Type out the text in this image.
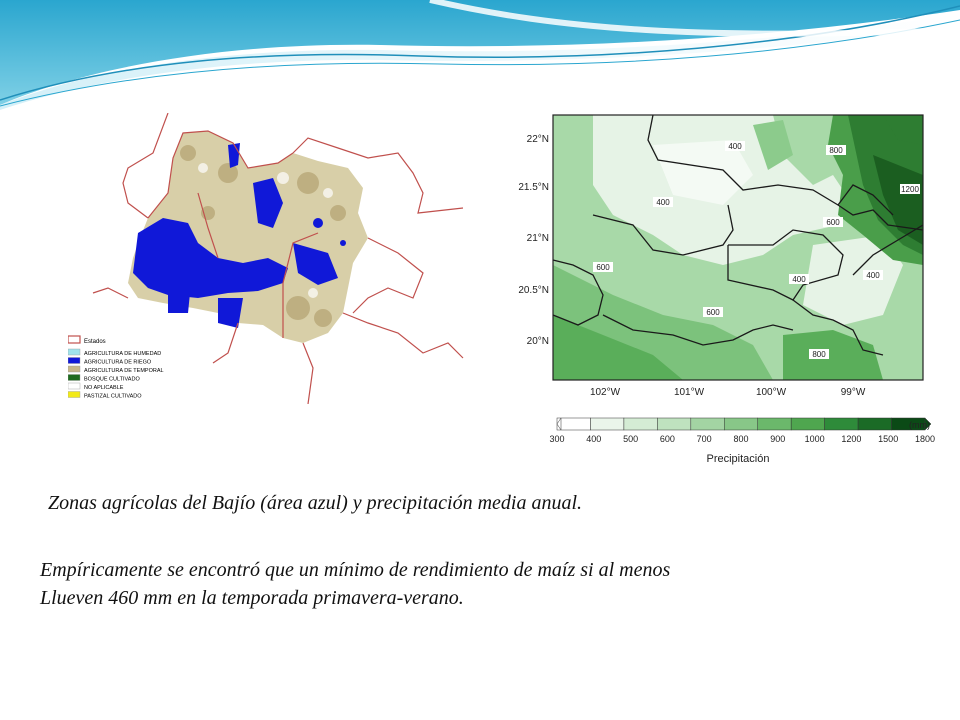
Estados
AGRICULTURA DE HUMEDAD
AGRICULTURA DE RIEGO
AGRICULTURA DE TEMPORAL
BOSQUE CULTIVADO
NO APLICABLE
PASTIZAL CULTIVADO
400	800
1200
400
600
600
400	400
600
800
22°N
21.5°N
21°N
20.5°N
20°N
102°W	101°W	100°W	99°W
300 400 500 600 700 800 900 1000 1200 1500 1800
(mm)
Precipitación
Zonas agrícolas del Bajío (área azul) y precipitación media anual.
Empíricamente se encontró que un mínimo de rendimiento de maíz si al menos
Llueven 460 mm en la temporada primavera-verano.
